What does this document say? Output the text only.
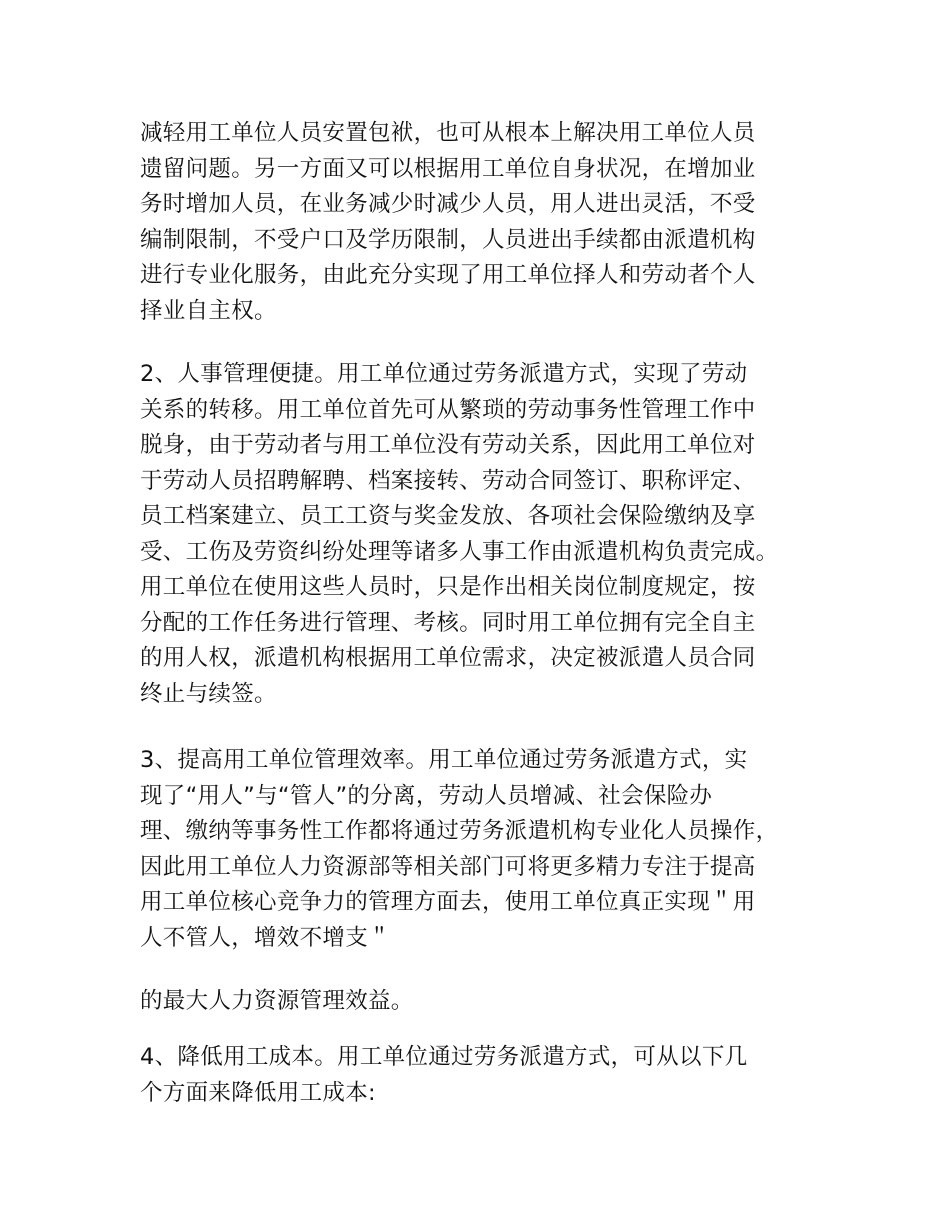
减轻用工单位人员安置包袱，也可从根本上解决用工单位人员
遗留问题。另一方面又可以根据用工单位自身状况，在增加业
务时增加人员，在业务减少时减少人员，用人进出灵活，不受
编制限制，不受户口及学历限制，人员进出手续都由派遣机构
进行专业化服务，由此充分实现了用工单位择人和劳动者个人
择业自主权。
2、人事管理便捷。用工单位通过劳务派遣方式，实现了劳动
关系的转移。用工单位首先可从繁琐的劳动事务性管理工作中
脱身，由于劳动者与用工单位没有劳动关系，因此用工单位对
于劳动人员招聘解聘、档案接转、劳动合同签订、职称评定、
员工档案建立、员工工资与奖金发放、各项社会保险缴纳及享
受、工伤及劳资纠纷处理等诸多人事工作由派遣机构负责完成。
用工单位在使用这些人员时，只是作出相关岗位制度规定，按
分配的工作任务进行管理、考核。同时用工单位拥有完全自主
的用人权，派遣机构根据用工单位需求，决定被派遣人员合同
终止与续签。
3、提高用工单位管理效率。用工单位通过劳务派遣方式，实
现了“用人”与“管人”的分离，劳动人员增减、社会保险办
理、缴纳等事务性工作都将通过劳务派遣机构专业化人员操作，
因此用工单位人力资源部等相关部门可将更多精力专注于提高
用工单位核心竞争力的管理方面去，使用工单位真正实现＂用
人不管人，增效不增支＂
的最大人力资源管理效益。
4、降低用工成本。用工单位通过劳务派遣方式，可从以下几
个方面来降低用工成本:
